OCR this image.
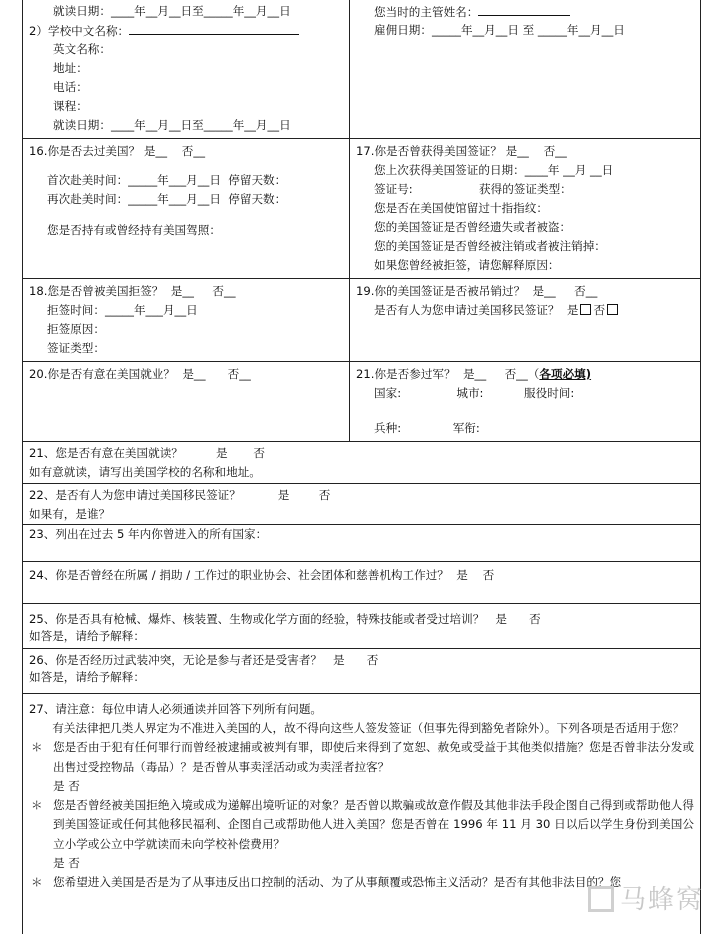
就读日期：____年__月__日至_____年__月__日
2）学校中文名称：
英文名称：
地址：
电话：
课程：
就读日期：____年__月__日至_____年__月__日
您当时的主管姓名：
雇佣日期：_____年__月__日 至 _____年__月__日
16.你是否去过美国？ 是__    否__
首次赴美时间：_____年___月__日  停留天数：
再次赴美时间：_____年___月__日  停留天数：
您是否持有或曾经持有美国驾照：
17.你是否曾获得美国签证？ 是__    否__
您上次获得美国签证的日期：____年 __月 __日
签证号:                  获得的签证类型：
您是否在美国使馆留过十指指纹：
您的美国签证是否曾经遗失或者被盗：
您的美国签证是否曾经被注销或者被注销掉：
如果您曾经被拒签，请您解释原因：
18.您是否曾被美国拒签？  是__     否__
拒签时间：_____年___月__日
拒签原因：
签证类型：
19.你的美国签证是否被吊销过？  是__     否__
是否有人为您申请过美国移民签证？  是 否
20.你是否有意在美国就业？  是__      否__	21.你是否参过军？  是__     否__（各项必填)
国家:               城市:           服役时间:
兵种:              军衔:
21、您是否有意在美国就读？         是       否
如有意就读，请写出美国学校的名称和地址。
22、是否有人为您申请过美国移民签证？          是        否
如果有，是谁？
23、列出在过去 5 年内你曾进入的所有国家：
24、你是否曾经在所属 / 捐助 / 工作过的职业协会、社会团体和慈善机构工作过？  是    否
25、你是否具有枪械、爆炸、核装置、生物或化学方面的经验，特殊技能或者受过培训？   是      否
如答是，请给予解释：
26、你是否经历过武装冲突，无论是参与者还是受害者？   是      否
如答是，请给予解释：
27、请注意：每位申请人必须通读并回答下列所有问题。
有关法律把几类人界定为不准进入美国的人，故不得向这些人签发签证（但事先得到豁免者除外）。下列各项是否适用于您？
＊ 您是否由于犯有任何罪行而曾经被逮捕或被判有罪，即使后来得到了宽恕、赦免或受益于其他类似措施？您是否曾非法分发或出售过受控物品（毒品）？是否曾从事卖淫活动或为卖淫者拉客？
是 否
＊ 您是否曾经被美国拒绝入境或成为递解出境听证的对象？是否曾以欺骗或故意作假及其他非法手段企图自己得到或帮助他人得到美国签证或任何其他移民福利、企图自己或帮助他人进入美国？您是否曾在 1996 年 11 月 30 日以后以学生身份到美国公立小学或公立中学就读而未向学校补偿费用？
是 否
＊ 您希望进入美国是否是为了从事违反出口控制的活动、为了从事颠覆或恐怖主义活动？是否有其他非法目的？您
马蜂窝
